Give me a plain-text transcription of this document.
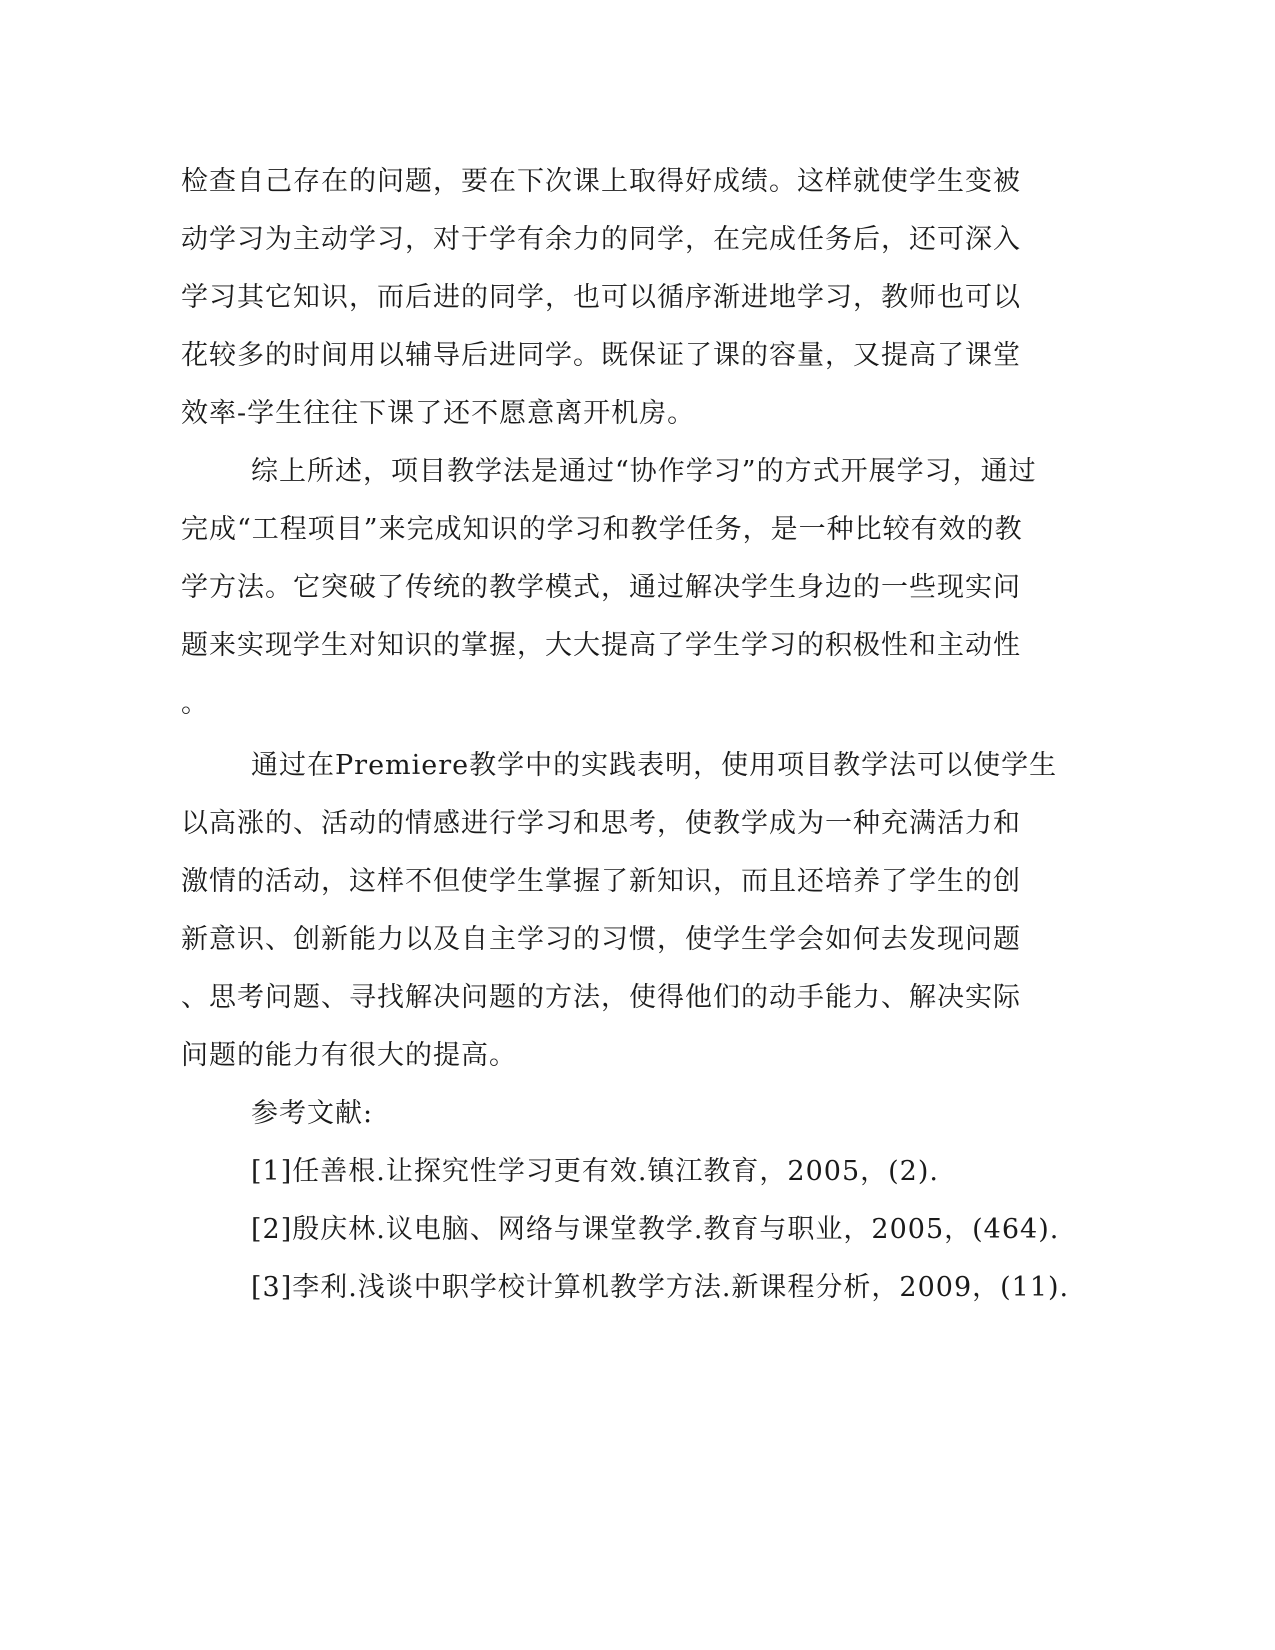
检查自己存在的问题，要在下次课上取得好成绩。这样就使学生变被
动学习为主动学习，对于学有余力的同学，在完成任务后，还可深入
学习其它知识，而后进的同学，也可以循序渐进地学习，教师也可以
花较多的时间用以辅导后进同学。既保证了课的容量，又提高了课堂
效率-学生往往下课了还不愿意离开机房。
综上所述，项目教学法是通过“协作学习”的方式开展学习，通过
完成“工程项目”来完成知识的学习和教学任务，是一种比较有效的教
学方法。它突破了传统的教学模式，通过解决学生身边的一些现实问
题来实现学生对知识的掌握，大大提高了学生学习的积极性和主动性
。
通过在Premiere教学中的实践表明，使用项目教学法可以使学生
以高涨的、活动的情感进行学习和思考，使教学成为一种充满活力和
激情的活动，这样不但使学生掌握了新知识，而且还培养了学生的创
新意识、创新能力以及自主学习的习惯，使学生学会如何去发现问题
、思考问题、寻找解决问题的方法，使得他们的动手能力、解决实际
问题的能力有很大的提高。
参考文献:
[1]任善根.让探究性学习更有效.镇江教育，2005，(2).
[2]殷庆林.议电脑、网络与课堂教学.教育与职业，2005，(464).
[3]李利.浅谈中职学校计算机教学方法.新课程分析，2009，(11).
